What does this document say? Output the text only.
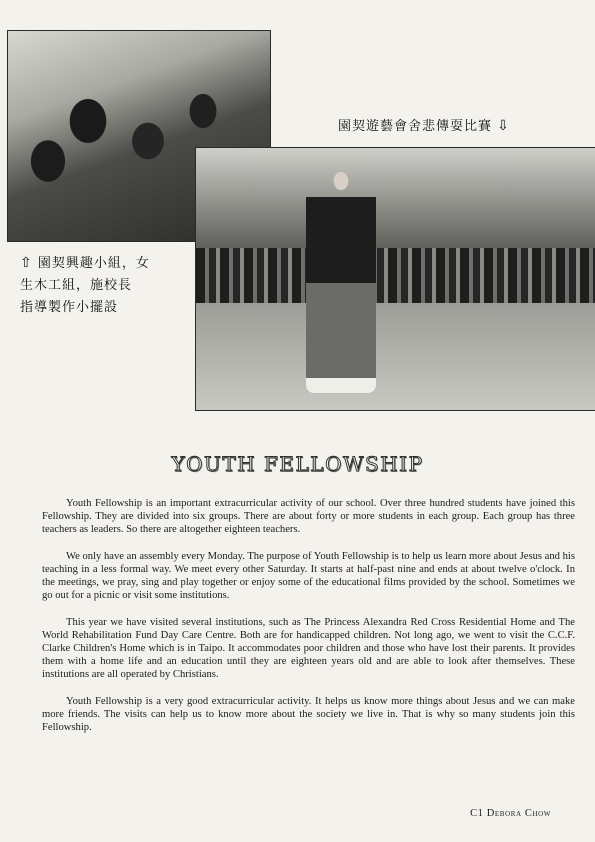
園契遊藝會舍悲傳耍比賽 ⇩
⇧ 園契興趣小組，女
生木工組，施校長
指導製作小擺設
YOUTH FELLOWSHIP

Youth Fellowship is an important extracurricular activity of our school. Over three hundred students have joined this Fellowship. They are divided into six groups. There are about forty or more students in each group. Each group has three teachers as leaders. So there are altogether eighteen teachers.

We only have an assembly every Monday. The purpose of Youth Fellowship is to help us learn more about Jesus and his teaching in a less formal way. We meet every other Saturday. It starts at half-past nine and ends at about twelve o'clock. In the meetings, we pray, sing and play together or enjoy some of the educational films provided by the school. Sometimes we go out for a picnic or visit some institutions.

This year we have visited several institutions, such as The Princess Alexandra Red Cross Residential Home and The World Rehabilitation Fund Day Care Centre. Both are for handicapped children. Not long ago, we went to visit the C.C.F. Clarke Children's Home which is in Taipo. It accommodates poor children and those who have lost their parents. It provides them with a home life and an education until they are eighteen years old and are able to look after themselves. These institutions are all operated by Christians.

Youth Fellowship is a very good extracurricular activity. It helps us know more things about Jesus and we can make more friends. The visits can help us to know more about the society we live in. That is why so many students join this Fellowship.

C1 Debora Chow
